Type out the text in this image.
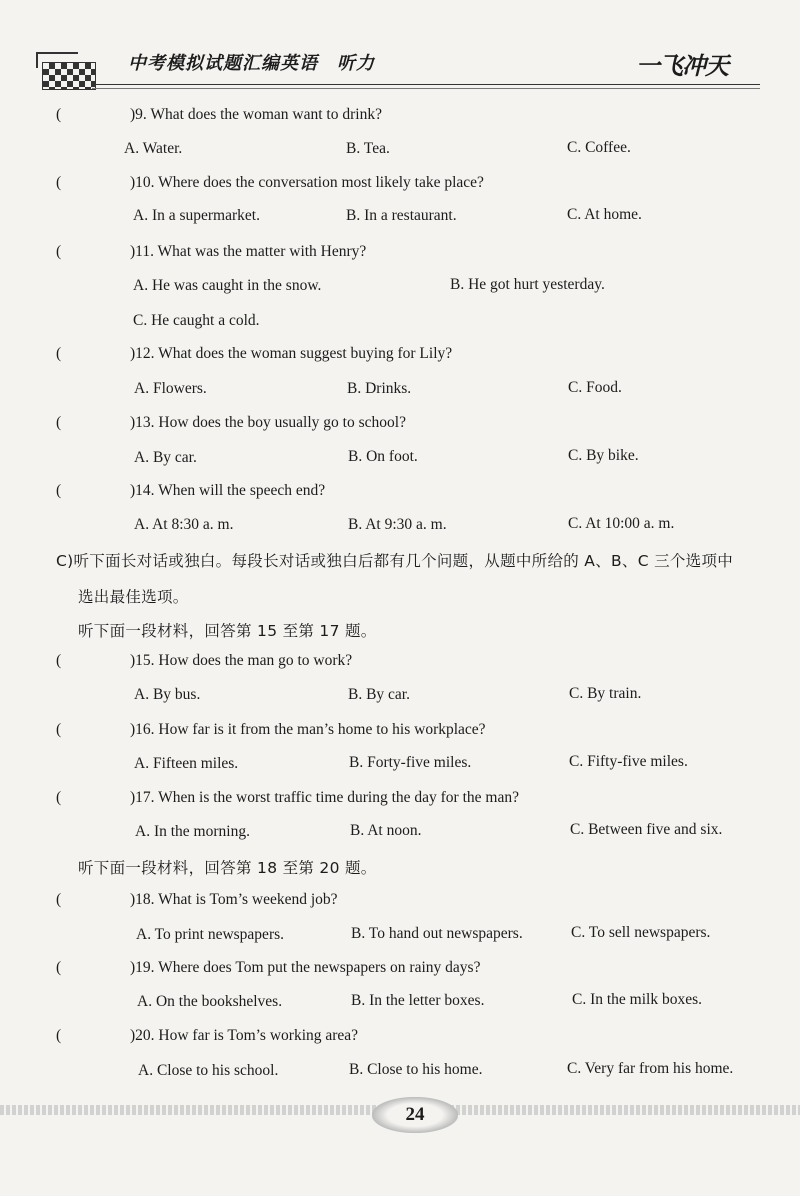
中考模拟试题汇编英语　听力	一飞冲天
(	)9. What does the woman want to drink?
A. Water.	B. Tea.	C. Coffee.
(	)10. Where does the conversation most likely take place?
A. In a supermarket.	B. In a restaurant.	C. At home.
(	)11. What was the matter with Henry?
A. He was caught in the snow.	B. He got hurt yesterday.
C. He caught a cold.
(	)12. What does the woman suggest buying for Lily?
A. Flowers.	B. Drinks.	C. Food.
(	)13. How does the boy usually go to school?
A. By car.	B. On foot.	C. By bike.
(	)14. When will the speech end?
A. At 8:30 a. m.	B. At 9:30 a. m.	C. At 10:00 a. m.
C)听下面长对话或独白。每段长对话或独白后都有几个问题，从题中所给的 A、B、C 三个选项中
选出最佳选项。
听下面一段材料，回答第 15 至第 17 题。
(	)15. How does the man go to work?
A. By bus.	B. By car.	C. By train.
(	)16. How far is it from the man’s home to his workplace?
A. Fifteen miles.	B. Forty-five miles.	C. Fifty-five miles.
(	)17. When is the worst traffic time during the day for the man?
A. In the morning.	B. At noon.	C. Between five and six.
听下面一段材料，回答第 18 至第 20 题。
(	)18. What is Tom’s weekend job?
A. To print newspapers.	B. To hand out newspapers.	C. To sell newspapers.
(	)19. Where does Tom put the newspapers on rainy days?
A. On the bookshelves.	B. In the letter boxes.	C. In the milk boxes.
(	)20. How far is Tom’s working area?
A. Close to his school.	B. Close to his home.	C. Very far from his home.
24
